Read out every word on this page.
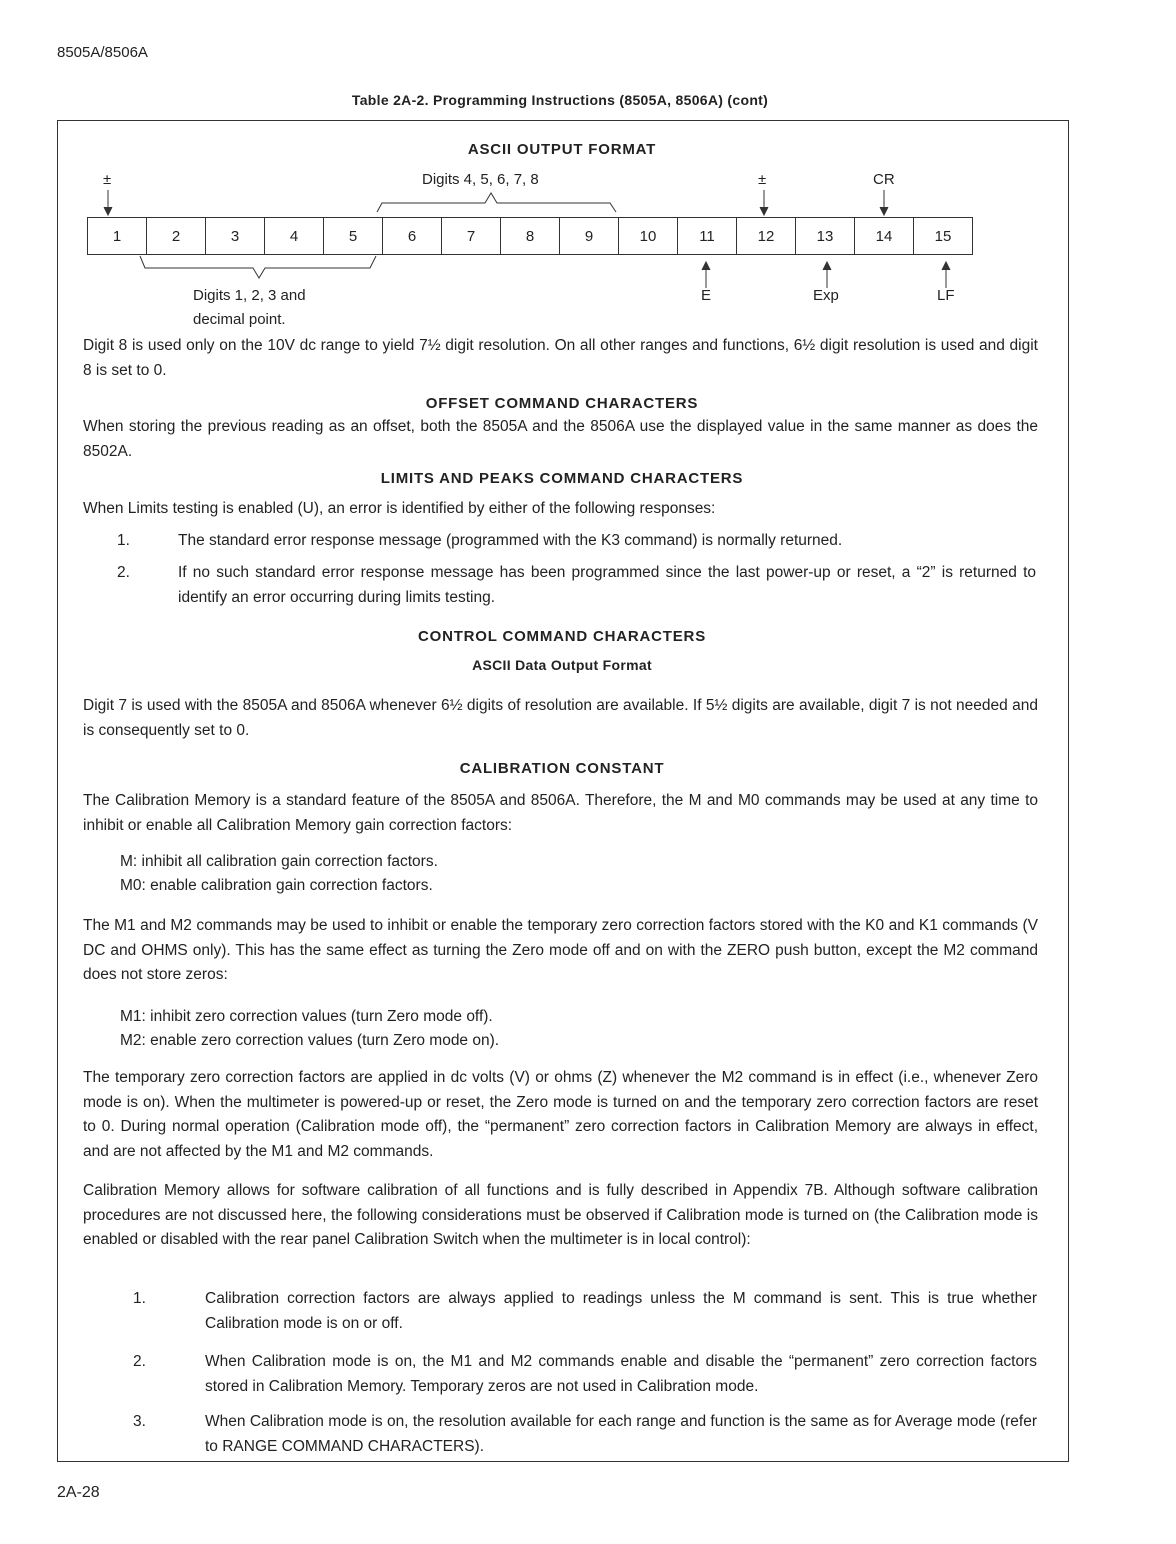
8505A/8506A
Table 2A-2. Programming Instructions (8505A, 8506A) (cont)
ASCII OUTPUT FORMAT
±	Digits 4, 5, 6, 7, 8	±	CR
1	2	3	4	5	6	7	8	9	10	11	12	13	14	15
Digits 1, 2, 3 and
decimal point.
E	Exp	LF
Digit 8 is used only on the 10V dc range to yield 7½ digit resolution. On all other ranges and functions, 6½ digit resolution is used and digit 8 is set to 0.
OFFSET COMMAND CHARACTERS
When storing the previous reading as an offset, both the 8505A and the 8506A use the displayed value in the same manner as does the 8502A.
LIMITS AND PEAKS COMMAND CHARACTERS
When Limits testing is enabled (U), an error is identified by either of the following responses:
1.	The standard error response message (programmed with the K3 command) is normally returned.
2.	If no such standard error response message has been programmed since the last power-up or reset, a “2” is returned to identify an error occurring during limits testing.
CONTROL COMMAND CHARACTERS
ASCII Data Output Format
Digit 7 is used with the 8505A and 8506A whenever 6½ digits of resolution are available. If 5½ digits are available, digit 7 is not needed and is consequently set to 0.
CALIBRATION CONSTANT
The Calibration Memory is a standard feature of the 8505A and 8506A. Therefore, the M and M0 commands may be used at any time to inhibit or enable all Calibration Memory gain correction factors:
M: inhibit all calibration gain correction factors.
M0: enable calibration gain correction factors.
The M1 and M2 commands may be used to inhibit or enable the temporary zero correction factors stored with the K0 and K1 commands (V DC and OHMS only). This has the same effect as turning the Zero mode off and on with the ZERO push button, except the M2 command does not store zeros:
M1: inhibit zero correction values (turn Zero mode off).
M2: enable zero correction values (turn Zero mode on).
The temporary zero correction factors are applied in dc volts (V) or ohms (Z) whenever the M2 command is in effect (i.e., whenever Zero mode is on). When the multimeter is powered-up or reset, the Zero mode is turned on and the temporary zero correction factors are reset to 0. During normal operation (Calibration mode off), the “permanent” zero correction factors in Calibration Memory are always in effect, and are not affected by the M1 and M2 commands.
Calibration Memory allows for software calibration of all functions and is fully described in Appendix 7B. Although software calibration procedures are not discussed here, the following considerations must be observed if Calibration mode is turned on (the Calibration mode is enabled or disabled with the rear panel Calibration Switch when the multimeter is in local control):
1.	Calibration correction factors are always applied to readings unless the M command is sent. This is true whether Calibration mode is on or off.
2.	When Calibration mode is on, the M1 and M2 commands enable and disable the “permanent” zero correction factors stored in Calibration Memory. Temporary zeros are not used in Calibration mode.
3.	When Calibration mode is on, the resolution available for each range and function is the same as for Average mode (refer to RANGE COMMAND CHARACTERS).
2A-28
